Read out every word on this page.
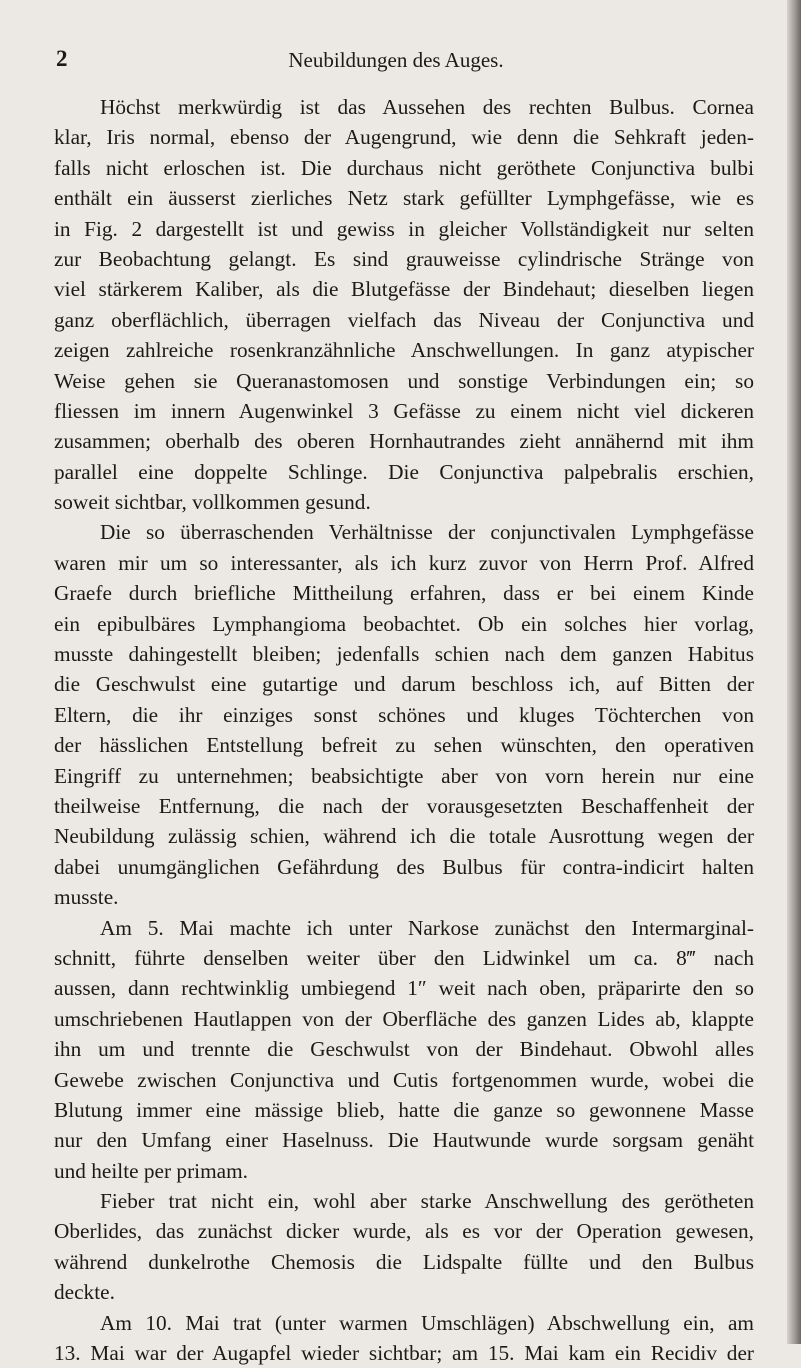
2	Neubildungen des Auges.
Höchst merkwürdig ist das Aussehen des rechten Bulbus. Cornea
klar, Iris normal, ebenso der Augengrund, wie denn die Sehkraft jeden-
falls nicht erloschen ist. Die durchaus nicht geröthete Conjunctiva bulbi
enthält ein äusserst zierliches Netz stark gefüllter Lymphgefässe, wie es
in Fig. 2 dargestellt ist und gewiss in gleicher Vollständigkeit nur selten
zur Beobachtung gelangt. Es sind grauweisse cylindrische Stränge von
viel stärkerem Kaliber, als die Blutgefässe der Bindehaut; dieselben liegen
ganz oberflächlich, überragen vielfach das Niveau der Conjunctiva und
zeigen zahlreiche rosenkranzähnliche Anschwellungen. In ganz atypischer
Weise gehen sie Queranastomosen und sonstige Verbindungen ein; so
fliessen im innern Augenwinkel 3 Gefässe zu einem nicht viel dickeren
zusammen; oberhalb des oberen Hornhautrandes zieht annähernd mit ihm
parallel eine doppelte Schlinge. Die Conjunctiva palpebralis erschien,
soweit sichtbar, vollkommen gesund.
Die so überraschenden Verhältnisse der conjunctivalen Lymphgefässe
waren mir um so interessanter, als ich kurz zuvor von Herrn Prof. Alfred
Graefe durch briefliche Mittheilung erfahren, dass er bei einem Kinde
ein epibulbäres Lymphangioma beobachtet. Ob ein solches hier vorlag,
musste dahingestellt bleiben; jedenfalls schien nach dem ganzen Habitus
die Geschwulst eine gutartige und darum beschloss ich, auf Bitten der
Eltern, die ihr einziges sonst schönes und kluges Töchterchen von
der hässlichen Entstellung befreit zu sehen wünschten, den operativen
Eingriff zu unternehmen; beabsichtigte aber von vorn herein nur eine
theilweise Entfernung, die nach der vorausgesetzten Beschaffenheit der
Neubildung zulässig schien, während ich die totale Ausrottung wegen der
dabei unumgänglichen Gefährdung des Bulbus für contra-indicirt halten
musste.
Am 5. Mai machte ich unter Narkose zunächst den Intermarginal-
schnitt, führte denselben weiter über den Lidwinkel um ca. 8‴ nach
aussen, dann rechtwinklig umbiegend 1″ weit nach oben, präparirte den so
umschriebenen Hautlappen von der Oberfläche des ganzen Lides ab, klappte
ihn um und trennte die Geschwulst von der Bindehaut. Obwohl alles
Gewebe zwischen Conjunctiva und Cutis fortgenommen wurde, wobei die
Blutung immer eine mässige blieb, hatte die ganze so gewonnene Masse
nur den Umfang einer Haselnuss. Die Hautwunde wurde sorgsam genäht
und heilte per primam.
Fieber trat nicht ein, wohl aber starke Anschwellung des gerötheten
Oberlides, das zunächst dicker wurde, als es vor der Operation gewesen,
während dunkelrothe Chemosis die Lidspalte füllte und den Bulbus
deckte.
Am 10. Mai trat (unter warmen Umschlägen) Abschwellung ein, am
13. Mai war der Augapfel wieder sichtbar; am 15. Mai kam ein Recidiv der
